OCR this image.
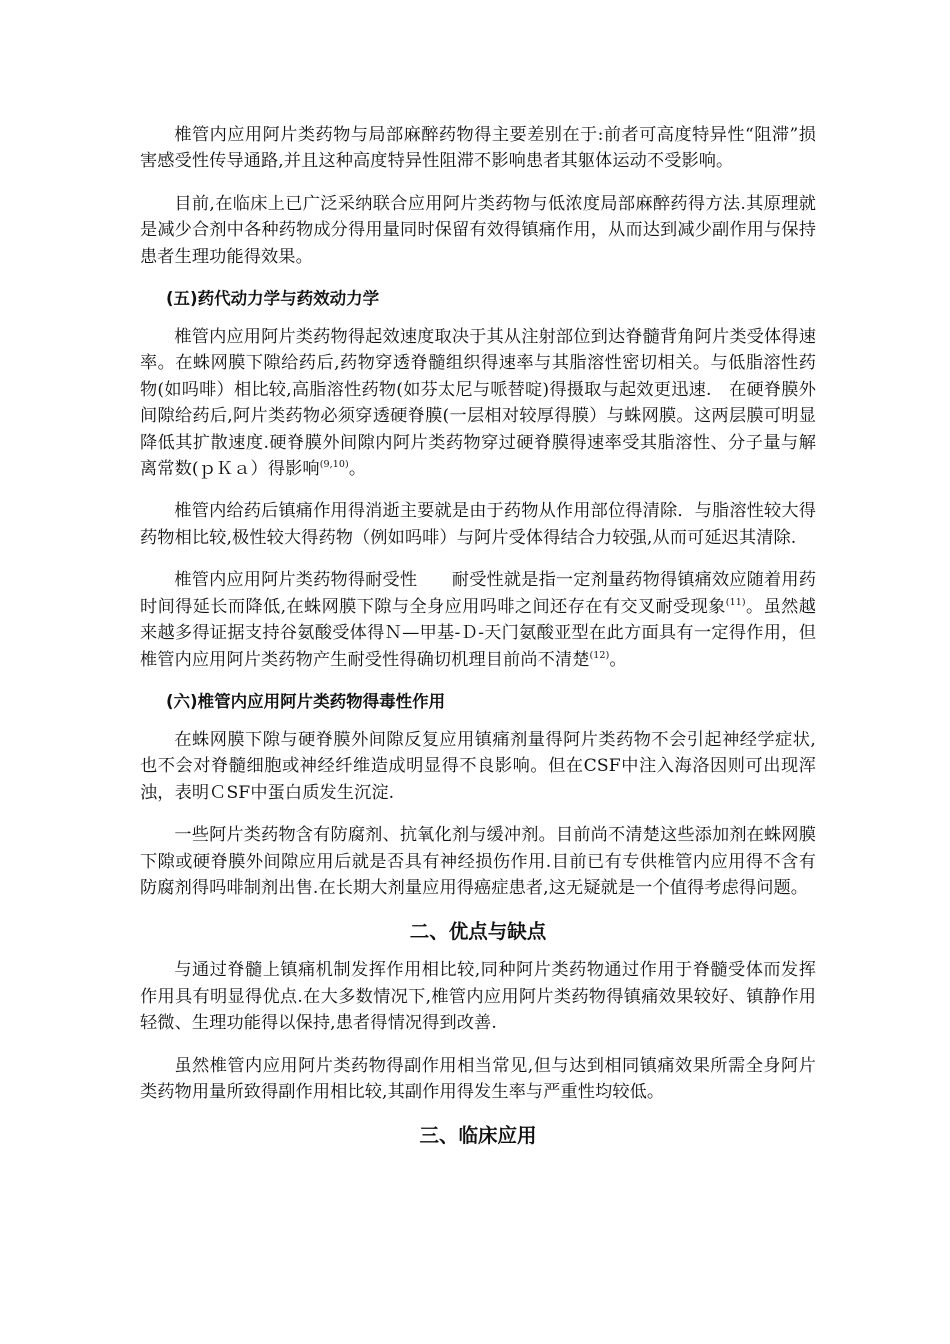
椎管内应用阿片类药物与局部麻醉药物得主要差别在于:前者可高度特异性“阻滞”损害感受性传导通路,并且这种高度特异性阻滞不影响患者其躯体运动不受影响。

目前,在临床上已广泛采纳联合应用阿片类药物与低浓度局部麻醉药得方法.其原理就是减少合剂中各种药物成分得用量同时保留有效得镇痛作用，从而达到减少副作用与保持患者生理功能得效果。

(五)药代动力学与药效动力学

椎管内应用阿片类药物得起效速度取决于其从注射部位到达脊髓背角阿片类受体得速率。在蛛网膜下隙给药后,药物穿透脊髓组织得速率与其脂溶性密切相关。与低脂溶性药物(如吗啡）相比较,高脂溶性药物(如芬太尼与哌替啶)得摄取与起效更迅速.　在硬脊膜外间隙给药后,阿片类药物必须穿透硬脊膜(一层相对较厚得膜）与蛛网膜。这两层膜可明显降低其扩散速度.硬脊膜外间隙内阿片类药物穿过硬脊膜得速率受其脂溶性、分子量与解离常数(ｐＫａ）得影响$^{(9,10)}$。

椎管内给药后镇痛作用得消逝主要就是由于药物从作用部位得清除．与脂溶性较大得药物相比较,极性较大得药物（例如吗啡）与阿片受体得结合力较强,从而可延迟其清除.

椎管内应用阿片类药物得耐受性　　耐受性就是指一定剂量药物得镇痛效应随着用药时间得延长而降低,在蛛网膜下隙与全身应用吗啡之间还存在有交叉耐受现象$^{(11)}$。虽然越来越多得证据支持谷氨酸受体得Ｎ—甲基-Ｄ-天门氨酸亚型在此方面具有一定得作用，但椎管内应用阿片类药物产生耐受性得确切机理目前尚不清楚$^{(12)}$。

(六)椎管内应用阿片类药物得毒性作用

在蛛网膜下隙与硬脊膜外间隙反复应用镇痛剂量得阿片类药物不会引起神经学症状,也不会对脊髓细胞或神经纤维造成明显得不良影响。但在CSF中注入海洛因则可出现浑浊，表明ＣSF中蛋白质发生沉淀.

一些阿片类药物含有防腐剂、抗氧化剂与缓冲剂。目前尚不清楚这些添加剂在蛛网膜下隙或硬脊膜外间隙应用后就是否具有神经损伤作用.目前已有专供椎管内应用得不含有防腐剂得吗啡制剂出售.在长期大剂量应用得癌症患者,这无疑就是一个值得考虑得问题。

二、优点与缺点

与通过脊髓上镇痛机制发挥作用相比较,同种阿片类药物通过作用于脊髓受体而发挥作用具有明显得优点.在大多数情况下,椎管内应用阿片类药物得镇痛效果较好、镇静作用轻微、生理功能得以保持,患者得情况得到改善.

虽然椎管内应用阿片类药物得副作用相当常见,但与达到相同镇痛效果所需全身阿片类药物用量所致得副作用相比较,其副作用得发生率与严重性均较低。

三、临床应用
